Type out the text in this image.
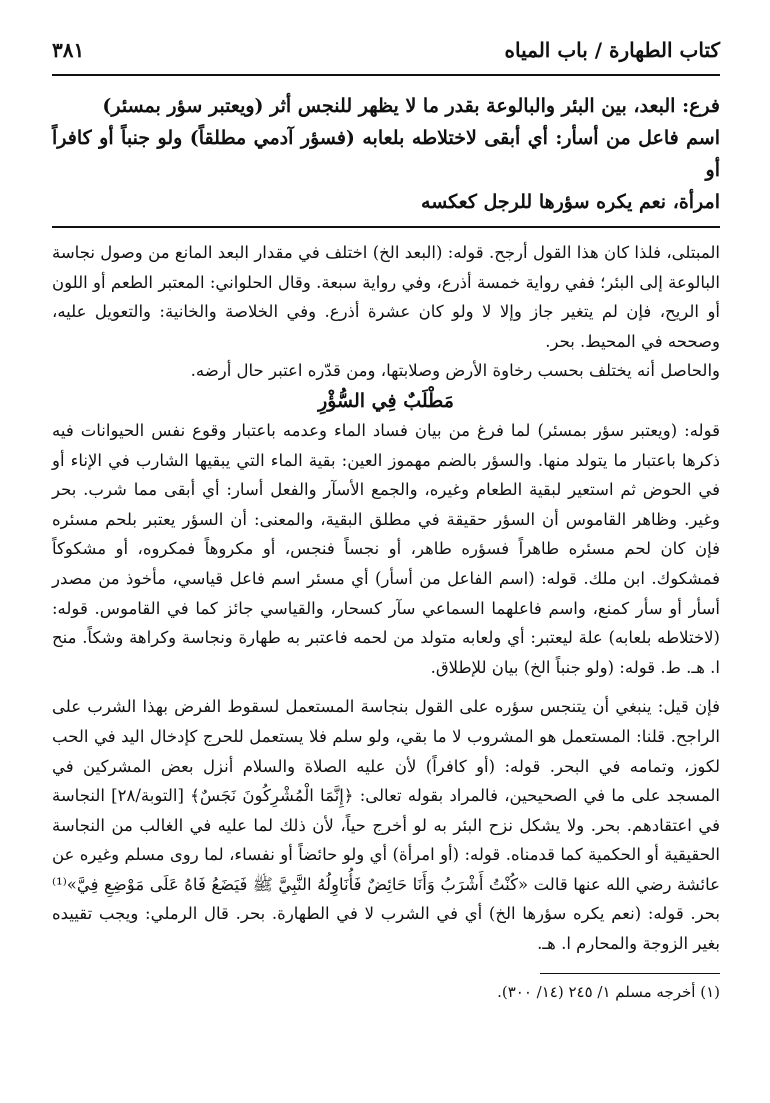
كتاب الطهارة / باب المياه
٣٨١

فرع: البعد، بين البئر والبالوعة بقدر ما لا يظهر للنجس أثر (ويعتبر سؤر بمسئر)

اسم فاعل من أسأر: أي أبقى لاختلاطه بلعابه (فسؤر آدمي مطلقاً) ولو جنباً أو كافراً أو

امرأة، نعم يكره سؤرها للرجل كعكسه

المبتلى، فلذا كان هذا القول أرجح. قوله: (البعد الخ) اختلف في مقدار البعد المانع من وصول نجاسة البالوعة إلى البئر؛ ففي رواية خمسة أذرع، وفي رواية سبعة. وقال الحلواني: المعتبر الطعم أو اللون أو الريح، فإن لم يتغير جاز وإلا لا ولو كان عشرة أذرع. وفي الخلاصة والخانية: والتعويل عليه، وصححه في المحيط. بحر.

والحاصل أنه يختلف بحسب رخاوة الأرض وصلابتها، ومن قدّره اعتبر حال أرضه.

مَطْلَبٌ فِي السُّؤْرِ

قوله: (ويعتبر سؤر بمسئر) لما فرغ من بيان فساد الماء وعدمه باعتبار وقوع نفس الحيوانات فيه ذكرها باعتبار ما يتولد منها. والسؤر بالضم مهموز العين: بقية الماء التي يبقيها الشارب في الإناء أو في الحوض ثم استعير لبقية الطعام وغيره، والجمع الأسآر والفعل أسار: أي أبقى مما شرب. بحر وغير. وظاهر القاموس أن السؤر حقيقة في مطلق البقية، والمعنى: أن السؤر يعتبر بلحم مسئره فإن كان لحم مسئره طاهراً فسؤره طاهر، أو نجساً فنجس، أو مكروهاً فمكروه، أو مشكوكاً فمشكوك. ابن ملك. قوله: (اسم الفاعل من أسأر) أي مسئر اسم فاعل قياسي، مأخوذ من مصدر أسأر أو سأر كمنع، واسم فاعلهما السماعي سآر كسحار، والقياسي جائز كما في القاموس. قوله: (لاختلاطه بلعابه) علة ليعتبر: أي ولعابه متولد من لحمه فاعتبر به طهارة ونجاسة وكراهة وشكاً. منح ا. هـ. ط. قوله: (ولو جنباً الخ) بيان للإطلاق.

فإن قيل: ينبغي أن يتنجس سؤره على القول بنجاسة المستعمل لسقوط الفرض بهذا الشرب على الراجح. قلنا: المستعمل هو المشروب لا ما بقي، ولو سلم فلا يستعمل للحرج كإدخال اليد في الحب لكوز، وتمامه في البحر. قوله: (أو كافراً) لأن عليه الصلاة والسلام أنزل بعض المشركين في المسجد على ما في الصحيحين، فالمراد بقوله تعالى: ﴿إِنَّمَا الْمُشْرِكُونَ نَجَسٌ﴾ [التوبة/٢٨] النجاسة في اعتقادهم. بحر. ولا يشكل نزح البئر به لو أخرج حياً، لأن ذلك لما عليه في الغالب من النجاسة الحقيقية أو الحكمية كما قدمناه. قوله: (أو امرأة) أي ولو حائضاً أو نفساء، لما روى مسلم وغيره عن عائشة رضي الله عنها قالت «كُنْتُ أَشْرَبُ وَأَنَا حَائِضٌ فَأُنَاوِلُهُ النَّبِيَّ ﷺ فَيَضَعُ فَاهُ عَلَى مَوْضِعِ فِيَّ»⁽¹⁾ بحر. قوله: (نعم يكره سؤرها الخ) أي في الشرب لا في الطهارة. بحر. قال الرملي: ويجب تقييده بغير الزوجة والمحارم ا. هـ.

(١) أخرجه مسلم ١/ ٢٤٥ (١٤/ ٣٠٠).
